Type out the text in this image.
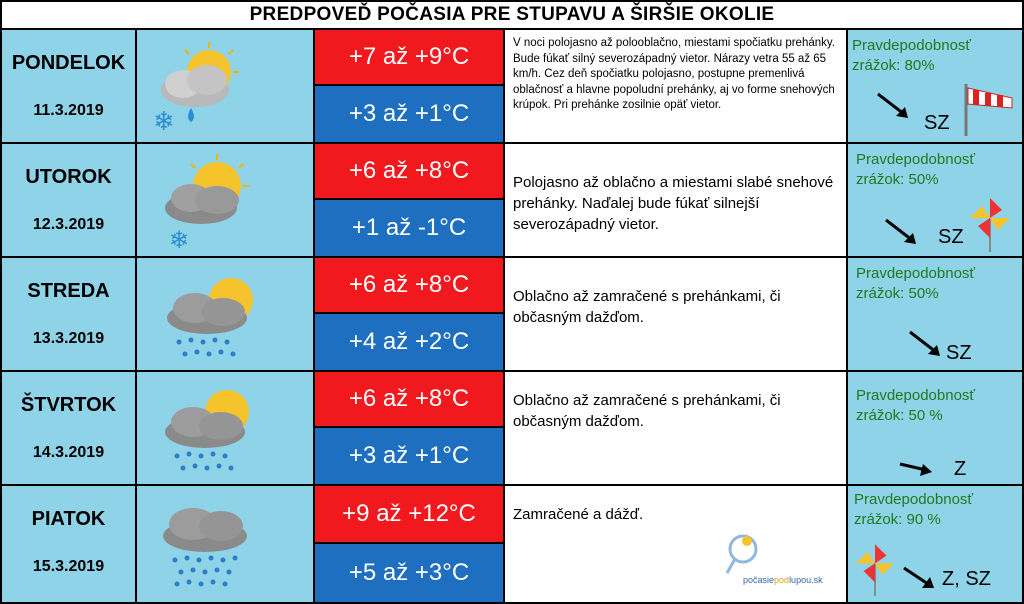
PREDPOVEĎ POČASIA PRE STUPAVU A ŠIRŠIE OKOLIE
PONDELOK
11.3.2019	❄
+7 až +9°C
+3 až +1°C
V noci polojasno až polooblačno, miestami spočiatku prehánky. Bude fúkať silný severozápadný vietor. Nárazy vetra 55 až 65 km/h. Cez deň spočiatku polojasno, postupne premenlivá oblačnosť a hlavne popoludní prehánky, aj vo forme snehových krúpok. Pri prehánke zosilnie opäť vietor.
Pravdepodobnosť
zrážok: 80%
SZ
UTOROK
12.3.2019
❄
+6 až +8°C
+1 až -1°C
Polojasno až oblačno a miestami slabé snehové prehánky. Naďalej bude fúkať silnejší severozápadný vietor.
Pravdepodobnosť
zrážok: 50%
SZ
STREDA
13.3.2019
+6 až +8°C
+4 až +2°C
Oblačno až zamračené s prehánkami, či občasným dažďom.
Pravdepodobnosť
zrážok: 50%
SZ
ŠTVRTOK
14.3.2019
+6 až +8°C
+3 až +1°C
Oblačno až zamračené s prehánkami, či občasným dažďom.
Pravdepodobnosť
zrážok: 50 %
Z
PIATOK
15.3.2019
+9 až +12°C
+5 až +3°C
Zamračené a dážď.
počasiepodlupou.sk
Pravdepodobnosť
zrážok: 90 %
Z, SZ
